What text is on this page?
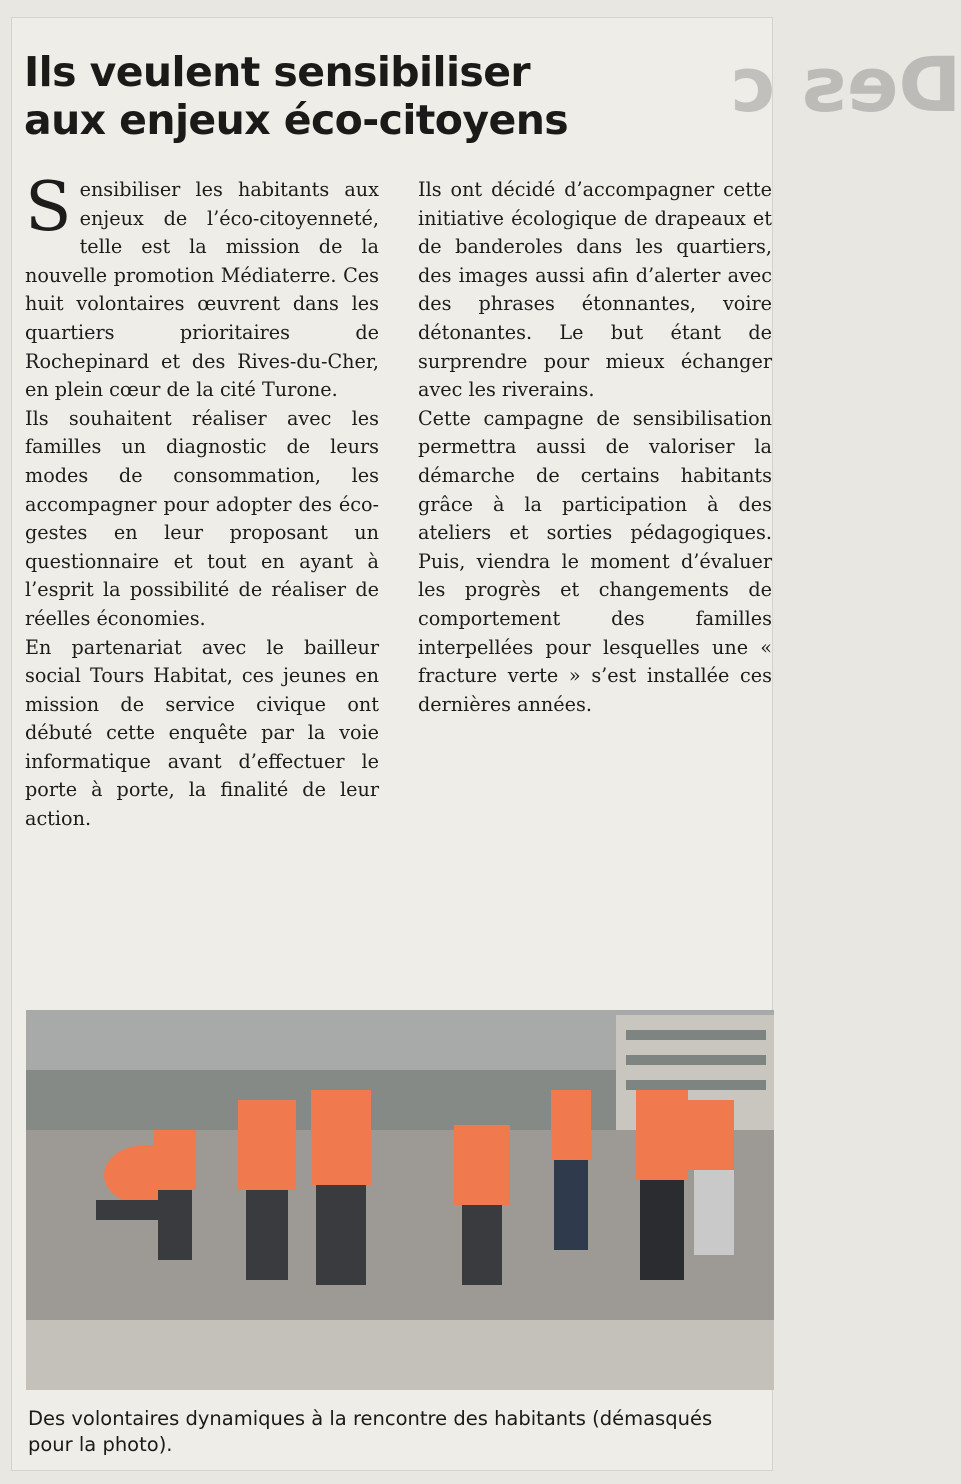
Des c
Ils veulent sensibiliser
aux enjeux éco-citoyens

Sensibiliser les habitants aux enjeux de l’éco-citoyenneté, telle est la mission de la nouvelle promotion Médiaterre. Ces huit volontaires œuvrent dans les quartiers prioritaires de Rochepinard et des Rives-du-Cher, en plein cœur de la cité Turone.

Ils souhaitent réaliser avec les familles un diagnostic de leurs modes de consommation, les accompagner pour adopter des éco-gestes en leur proposant un questionnaire et tout en ayant à l’esprit la possibilité de réaliser de réelles économies.

En partenariat avec le bailleur social Tours Habitat, ces jeunes en mission de service civique ont débuté cette enquête par la voie informatique avant d’effectuer le porte à porte, la finalité de leur action.

Ils ont décidé d’accompagner cette initiative écologique de drapeaux et de banderoles dans les quartiers, des images aussi afin d’alerter avec des phrases étonnantes, voire détonantes. Le but étant de surprendre pour mieux échanger avec les riverains.

Cette campagne de sensibilisation permettra aussi de valoriser la démarche de certains habitants grâce à la participation à des ateliers et sorties pédagogiques. Puis, viendra le moment d’évaluer les progrès et changements de comportement des familles interpellées pour lesquelles une « fracture verte » s’est installée ces dernières années.

Des volontaires dynamiques à la rencontre des habitants (démasqués pour la photo).
